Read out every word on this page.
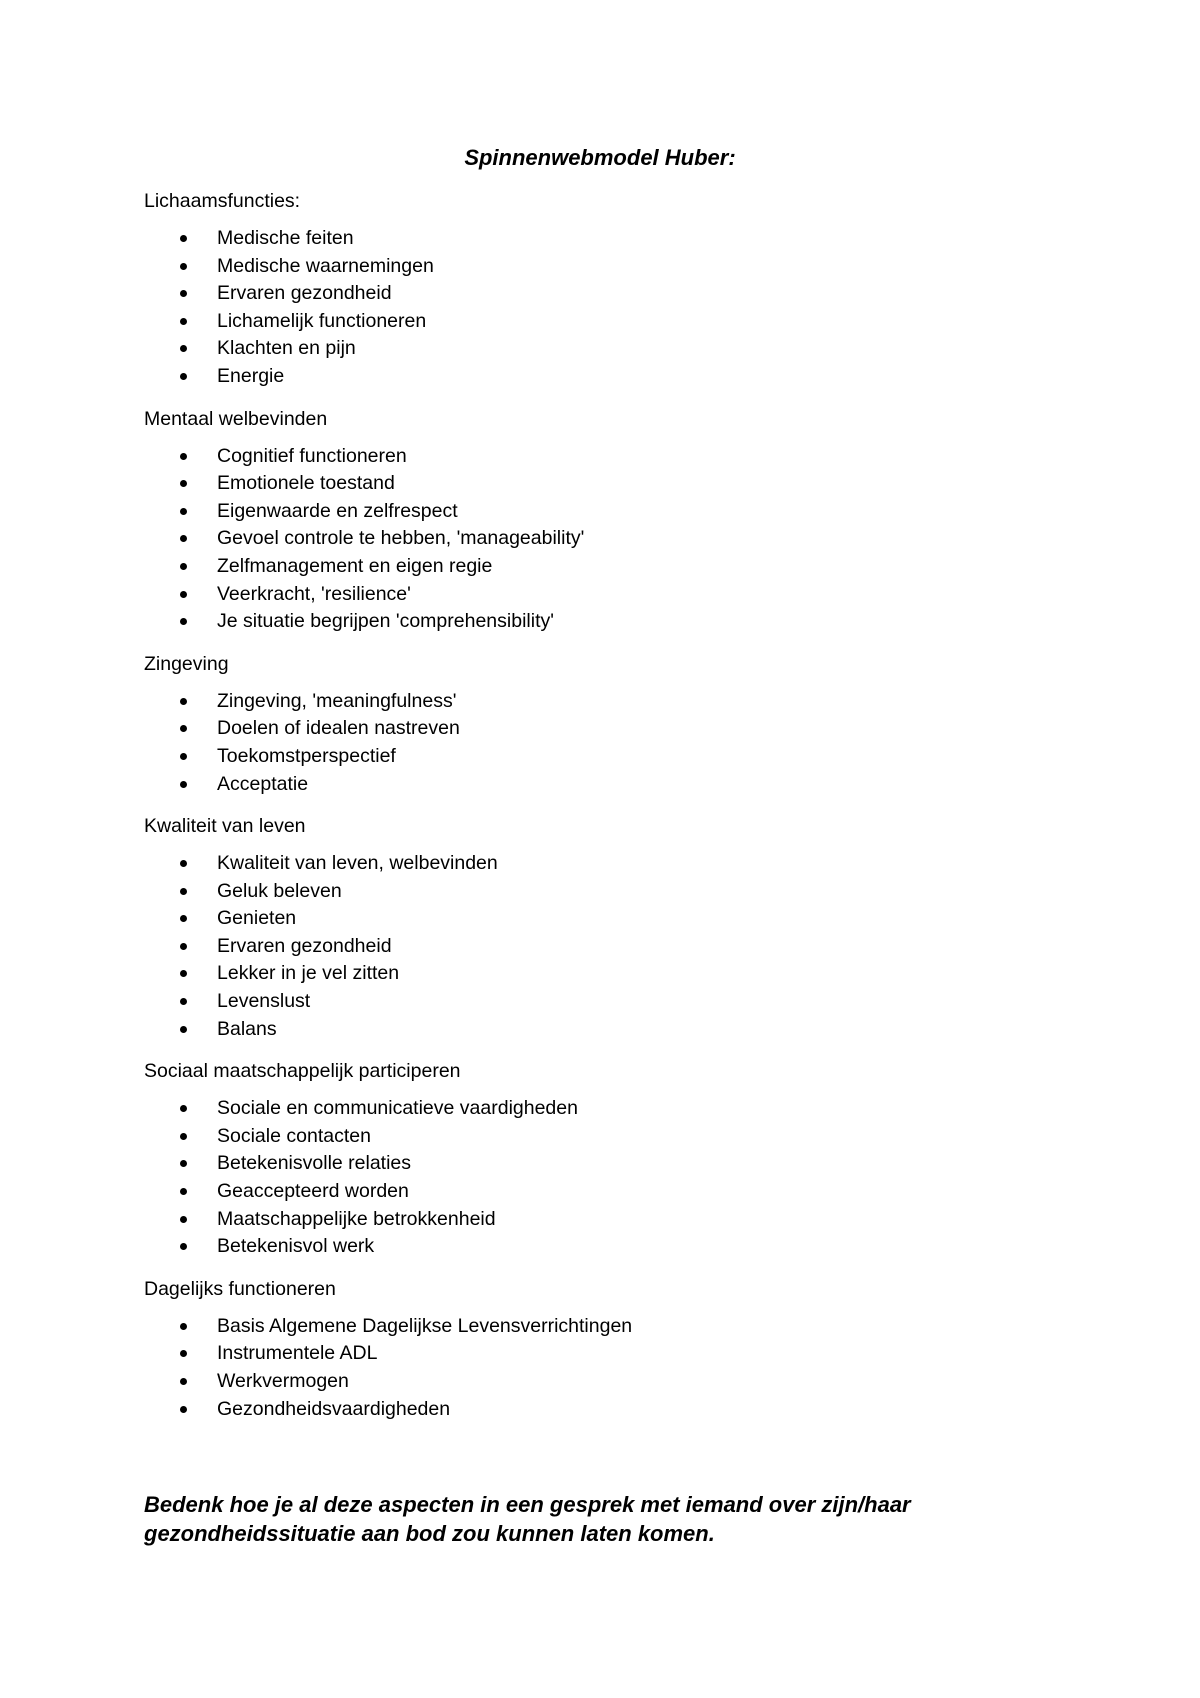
Spinnenwebmodel Huber:
Lichaamsfuncties:
Medische feiten
Medische waarnemingen
Ervaren gezondheid
Lichamelijk functioneren
Klachten en pijn
Energie
Mentaal welbevinden
Cognitief functioneren
Emotionele toestand
Eigenwaarde en zelfrespect
Gevoel controle te hebben, 'manageability'
Zelfmanagement en eigen regie
Veerkracht, 'resilience'
Je situatie begrijpen 'comprehensibility'
Zingeving
Zingeving, 'meaningfulness'
Doelen of idealen nastreven
Toekomstperspectief
Acceptatie
Kwaliteit van leven
Kwaliteit van leven, welbevinden
Geluk beleven
Genieten
Ervaren gezondheid
Lekker in je vel zitten
Levenslust
Balans
Sociaal maatschappelijk participeren
Sociale en communicatieve vaardigheden
Sociale contacten
Betekenisvolle relaties
Geaccepteerd worden
Maatschappelijke betrokkenheid
Betekenisvol werk
Dagelijks functioneren
Basis Algemene Dagelijkse Levensverrichtingen
Instrumentele ADL
Werkvermogen
Gezondheidsvaardigheden

Bedenk hoe je al deze aspecten in een gesprek met iemand over zijn/haar gezondheidssituatie aan bod zou kunnen laten komen.
